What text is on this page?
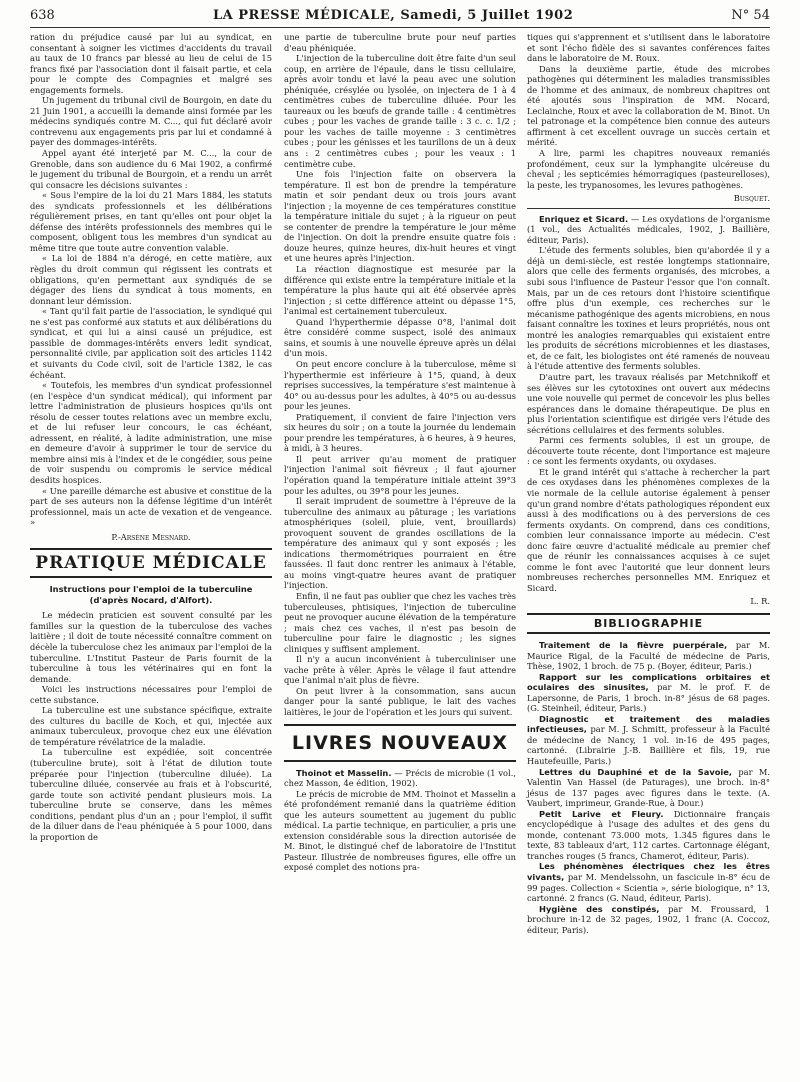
638	LA PRESSE MÉDICALE, Samedi, 5 Juillet 1902	N° 54

ration du préjudice causé par lui au syndicat, en consentant à soigner les victimes d'accidents du travail au taux de 10 francs par blessé au lieu de celui de 15 francs fixé par l'association dont il faisait partie, et cela pour le compte des Compagnies et malgré ses engagements formels.

Un jugement du tribunal civil de Bourgoin, en date du 21 Juin 1901, a accueilli la demande ainsi formée par les médecins syndiqués contre M. C..., qui fut déclaré avoir contrevenu aux engagements pris par lui et condamné à payer des dommages-intérêts.

Appel ayant été interjeté par M. C..., la cour de Grenoble, dans son audience du 6 Mai 1902, a confirmé le jugement du tribunal de Bourgoin, et a rendu un arrêt qui consacre les décisions suivantes :

« Sous l'empire de la loi du 21 Mars 1884, les statuts des syndicats professionnels et les délibérations régulièrement prises, en tant qu'elles ont pour objet la défense des intérêts professionnels des membres qui le composent, obligent tous les membres d'un syndicat au même titre que toute autre convention valable.

« La loi de 1884 n'a dérogé, en cette matière, aux règles du droit commun qui régissent les contrats et obligations, qu'en permettant aux syndiqués de se dégager des liens du syndicat à tous moments, en donnant leur démission.

« Tant qu'il fait partie de l'association, le syndiqué qui ne s'est pas conformé aux statuts et aux délibérations du syndicat, et qui lui a ainsi causé un préjudice, est passible de dommages-intérêts envers ledit syndicat, personnalité civile, par application soit des articles 1142 et suivants du Code civil, soit de l'article 1382, le cas échéant.

« Toutefois, les membres d'un syndicat professionnel (en l'espèce d'un syndicat médical), qui informent par lettre l'administration de plusieurs hospices qu'ils ont résolu de cesser toutes relations avec un membre exclu, et de lui refuser leur concours, le cas échéant, adressent, en réalité, à ladite administration, une mise en demeure d'avoir à supprimer le tour de service du membre ainsi mis à l'index et de le congédier, sous peine de voir suspendu ou compromis le service médical desdits hospices.

« Une pareille démarche est abusive et constitue de la part de ses auteurs non la défense légitime d'un intérêt professionnel, mais un acte de vexation et de vengeance. »

P.-Arsène Mesnard.
PRATIQUE MÉDICALE
Instructions pour l'emploi de la tuberculine (d'après Nocard, d'Alfort).

Le médecin praticien est souvent consulté par les familles sur la question de la tuberculose des vaches laitière ; il doit de toute nécessité connaître comment on décèle la tuberculose chez les animaux par l'emploi de la tuberculine. L'Institut Pasteur de Paris fournit de la tuberculine à tous les vétérinaires qui en font la demande.

Voici les instructions nécessaires pour l'emploi de cette substance.

La tuberculine est une substance spécifique, extraite des cultures du bacille de Koch, et qui, injectée aux animaux tuberculeux, provoque chez eux une élévation de température révélatrice de la maladie.

La tuberculine est expédiée, soit concentrée (tuberculine brute), soit à l'état de dilution toute préparée pour l'injection (tuberculine diluée). La tuberculine diluée, conservée au frais et à l'obscurité, garde toute son activité pendant plusieurs mois. La tuberculine brute se conserve, dans les mêmes conditions, pendant plus d'un an ; pour l'emploi, il suffit de la diluer dans de l'eau phéniquée à 5 pour 1000, dans la proportion de

une partie de tuberculine brute pour neuf parties d'eau phéniquée.

L'injection de la tuberculine doit être faite d'un seul coup, en arrière de l'épaule, dans le tissu cellulaire, après avoir tondu et lavé la peau avec une solution phéniquée, crésylée ou lysolée, on injectera de 1 à 4 centimètres cubes de tuberculine diluée. Pour les taureaux ou les bœufs de grande taille : 4 centimètres cubes ; pour les vaches de grande taille : 3 c. c. 1/2 ; pour les vaches de taille moyenne : 3 centimètres cubes ; pour les génisses et les taurillons de un à deux ans : 2 centimètres cubes ; pour les veaux : 1 centimètre cube.

Une fois l'injection faite on observera la température. Il est bon de prendre la température matin et soir pendant deux ou trois jours avant l'injection ; la moyenne de ces températures constitue la température initiale du sujet ; à la rigueur on peut se contenter de prendre la température le jour même de l'injection. On doit la prendre ensuite quatre fois : douze heures, quinze heures, dix-huit heures et vingt et une heures après l'injection.

La réaction diagnostique est mesurée par la différence qui existe entre la température initiale et la température la plus haute qui ait été observée après l'injection ; si cette différence atteint ou dépasse 1°5, l'animal est certainement tuberculeux.

Quand l'hyperthermie dépasse 0°8, l'animal doit être considéré comme suspect, isolé des animaux sains, et soumis à une nouvelle épreuve après un délai d'un mois.

On peut encore conclure à la tuberculose, même si l'hyperthermie est inférieure à 1°5, quand, à deux reprises successives, la température s'est maintenue à 40° ou au-dessus pour les adultes, à 40°5 ou au-dessus pour les jeunes.

Pratiquement, il convient de faire l'injection vers six heures du soir ; on a toute la journée du lendemain pour prendre les températures, à 6 heures, à 9 heures, à midi, à 3 heures.

Il peut arriver qu'au moment de pratiquer l'injection l'animal soit fiévreux ; il faut ajourner l'opération quand la température initiale atteint 39°3 pour les adultes, ou 39°8 pour les jeunes.

Il serait imprudent de soumettre à l'épreuve de la tuberculine des animaux au pâturage ; les variations atmosphériques (soleil, pluie, vent, brouillards) provoquent souvent de grandes oscillations de la température des animaux qui y sont exposés ; les indications thermométriques pourraient en être faussées. Il faut donc rentrer les animaux à l'étable, au moins vingt-quatre heures avant de pratiquer l'injection.

Enfin, il ne faut pas oublier que chez les vaches très tuberculeuses, phtisiques, l'injection de tuberculine peut ne provoquer aucune élévation de la température ; mais chez ces vaches, il n'est pas besoin de tuberculine pour faire le diagnostic ; les signes cliniques y suffisent amplement.

Il n'y a aucun inconvénient à tuberculiniser une vache prête à vêler. Après le vêlage il faut attendre que l'animal n'ait plus de fièvre.

On peut livrer à la consommation, sans aucun danger pour la santé publique, le lait des vaches laitières, le jour de l'opération et les jours qui suivent.

LIVRES NOUVEAUX

Thoinot et Masselin. — Précis de microbie (1 vol., chez Masson, 4e édition, 1902).

Le précis de microbie de MM. Thoinot et Masselin a été profondément remanié dans la quatrième édition que les auteurs soumettent au jugement du public médical. La partie technique, en particulier, a pris une extension considérable sous la direction autorisée de M. Binot, le distingué chef de laboratoire de l'Institut Pasteur. Illustrée de nombreuses figures, elle offre un exposé complet des notions pra-

tiques qui s'apprennent et s'utilisent dans le laboratoire et sont l'écho fidèle des si savantes conférences faites dans le laboratoire de M. Roux.

Dans la deuxième partie, étude des microbes pathogènes qui déterminent les maladies transmissibles de l'homme et des animaux, de nombreux chapitres ont été ajoutés sous l'inspiration de MM. Nocard, Leclainche, Roux et avec la collaboration de M. Binot. Un tel patronage et la compétence bien connue des auteurs affirment à cet excellent ouvrage un succès certain et mérité.

A lire, parmi les chapitres nouveaux remaniés profondément, ceux sur la lymphangite ulcéreuse du cheval ; les septicémies hémorragiques (pasteurelloses), la peste, les trypanosomes, les levures pathogènes.

Busquet.

Enriquez et Sicard. — Les oxydations de l'organisme (1 vol., des Actualités médicales, 1902, J. Baillière, éditeur, Paris).

L'étude des ferments solubles, bien qu'abordée il y a déjà un demi-siècle, est restée longtemps stationnaire, alors que celle des ferments organisés, des microbes, a subi sous l'influence de Pasteur l'essor que l'on connaît. Mais, par un de ces retours dont l'histoire scientifique offre plus d'un exemple, ces recherches sur le mécanisme pathogénique des agents microbiens, en nous faisant connaître les toxines et leurs propriétés, nous ont montré les analogies remarquables qui existaient entre les produits de sécrétions microbiennes et les diastases, et, de ce fait, les biologistes ont été ramenés de nouveau à l'étude attentive des ferments solubles.

D'autre part, les travaux réalisés par Metchnikoff et ses élèves sur les cytotoxines ont ouvert aux médecins une voie nouvelle qui permet de concevoir les plus belles espérances dans le domaine thérapeutique. De plus en plus l'orientation scientifique est dirigée vers l'étude des sécrétions cellulaires et des ferments solubles.

Parmi ces ferments solubles, il est un groupe, de découverte toute récente, dont l'importance est majeure : ce sont les ferments oxydants, ou oxydases.

Et le grand intérêt qui s'attache à rechercher la part de ces oxydases dans les phénomènes complexes de la vie normale de la cellule autorise également à penser qu'un grand nombre d'états pathologiques répondent eux aussi à des modifications ou à des perversions de ces ferments oxydants. On comprend, dans ces conditions, combien leur connaissance importe au médecin. C'est donc faire œuvre d'actualité médicale au premier chef que de réunir les connaissances acquises à ce sujet comme le font avec l'autorité que leur donnent leurs nombreuses recherches personnelles MM. Enriquez et Sicard.

L. R.

BIBLIOGRAPHIE

Traitement de la fièvre puerpérale, par M. Maurice Rigal, de la Faculté de médecine de Paris, Thèse, 1902, 1 broch. de 75 p. (Boyer, éditeur, Paris.)

Rapport sur les complications orbitaires et oculaires des sinusites, par M. le prof. F. de Lapersonne, de Paris, 1 broch. in-8° jésus de 68 pages. (G. Steinheil, éditeur, Paris.)

Diagnostic et traitement des maladies infectieuses, par M. J. Schmitt, professeur à la Faculté de médecine de Nancy, 1 vol. in-16 de 495 pages, cartonné. (Librairie J.-B. Baillière et fils, 19, rue Hautefeuille, Paris.)

Lettres du Dauphiné et de la Savoie, par M. Valentin Van Hassel (de Paturages), une broch. in-8° jésus de 137 pages avec figures dans le texte. (A. Vaubert, imprimeur, Grande-Rue, à Dour.)

Petit Larive et Fleury. Dictionnaire français encyclopédique à l'usage des adultes et des gens du monde, contenant 73.000 mots, 1.345 figures dans le texte, 83 tableaux d'art, 112 cartes. Cartonnage élégant, tranches rouges (5 francs, Chamerot, éditeur, Paris).

Les phénomènes électriques chez les êtres vivants, par M. Mendelssohn, un fascicule in-8° écu de 99 pages. Collection « Scientia », série biologique, n° 13, cartonné. 2 francs (G. Naud, éditeur, Paris).

Hygiène des constipés, par M. Froussard, 1 brochure in-12 de 32 pages, 1902, 1 franc (A. Coccoz, éditeur, Paris).
